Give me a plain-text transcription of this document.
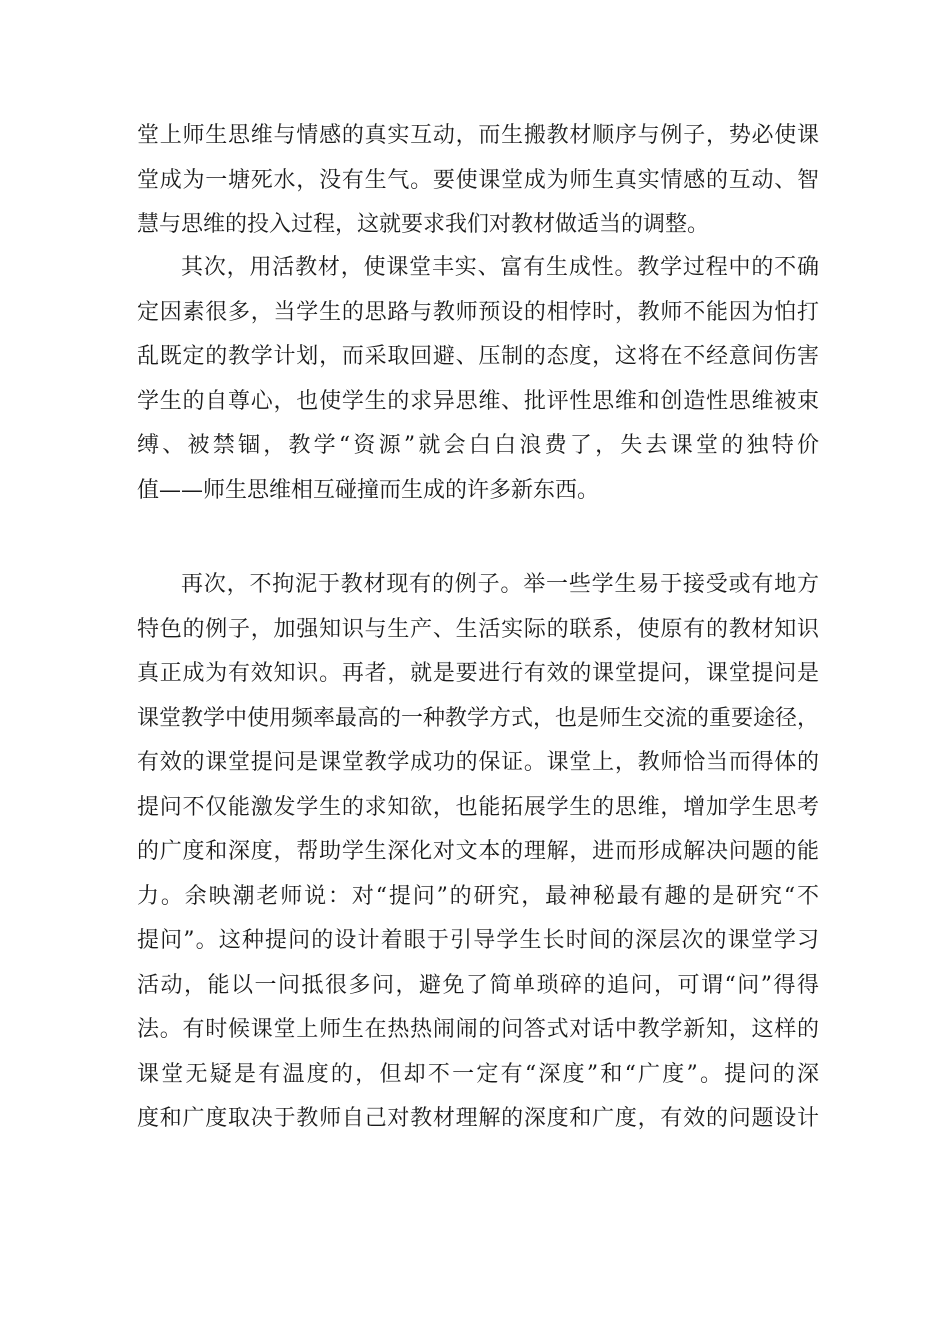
堂上师生思维与情感的真实互动，而生搬教材顺序与例子，势必使课
堂成为一塘死水，没有生气。要使课堂成为师生真实情感的互动、智
慧与思维的投入过程，这就要求我们对教材做适当的调整。
其次，用活教材，使课堂丰实、富有生成性。教学过程中的不确
定因素很多，当学生的思路与教师预设的相悖时，教师不能因为怕打
乱既定的教学计划，而采取回避、压制的态度，这将在不经意间伤害
学生的自尊心，也使学生的求异思维、批评性思维和创造性思维被束
缚、被禁锢，教学“资源”就会白白浪费了，失去课堂的独特价
值——师生思维相互碰撞而生成的许多新东西。
再次，不拘泥于教材现有的例子。举一些学生易于接受或有地方
特色的例子，加强知识与生产、生活实际的联系，使原有的教材知识
真正成为有效知识。再者，就是要进行有效的课堂提问，课堂提问是
课堂教学中使用频率最高的一种教学方式，也是师生交流的重要途径，
有效的课堂提问是课堂教学成功的保证。课堂上，教师恰当而得体的
提问不仅能激发学生的求知欲，也能拓展学生的思维，增加学生思考
的广度和深度，帮助学生深化对文本的理解，进而形成解决问题的能
力。余映潮老师说：对“提问”的研究，最神秘最有趣的是研究“不
提问”。这种提问的设计着眼于引导学生长时间的深层次的课堂学习
活动，能以一问抵很多问，避免了简单琐碎的追问，可谓“问”得得
法。有时候课堂上师生在热热闹闹的问答式对话中教学新知，这样的
课堂无疑是有温度的，但却不一定有“深度”和“广度”。提问的深
度和广度取决于教师自己对教材理解的深度和广度，有效的问题设计
